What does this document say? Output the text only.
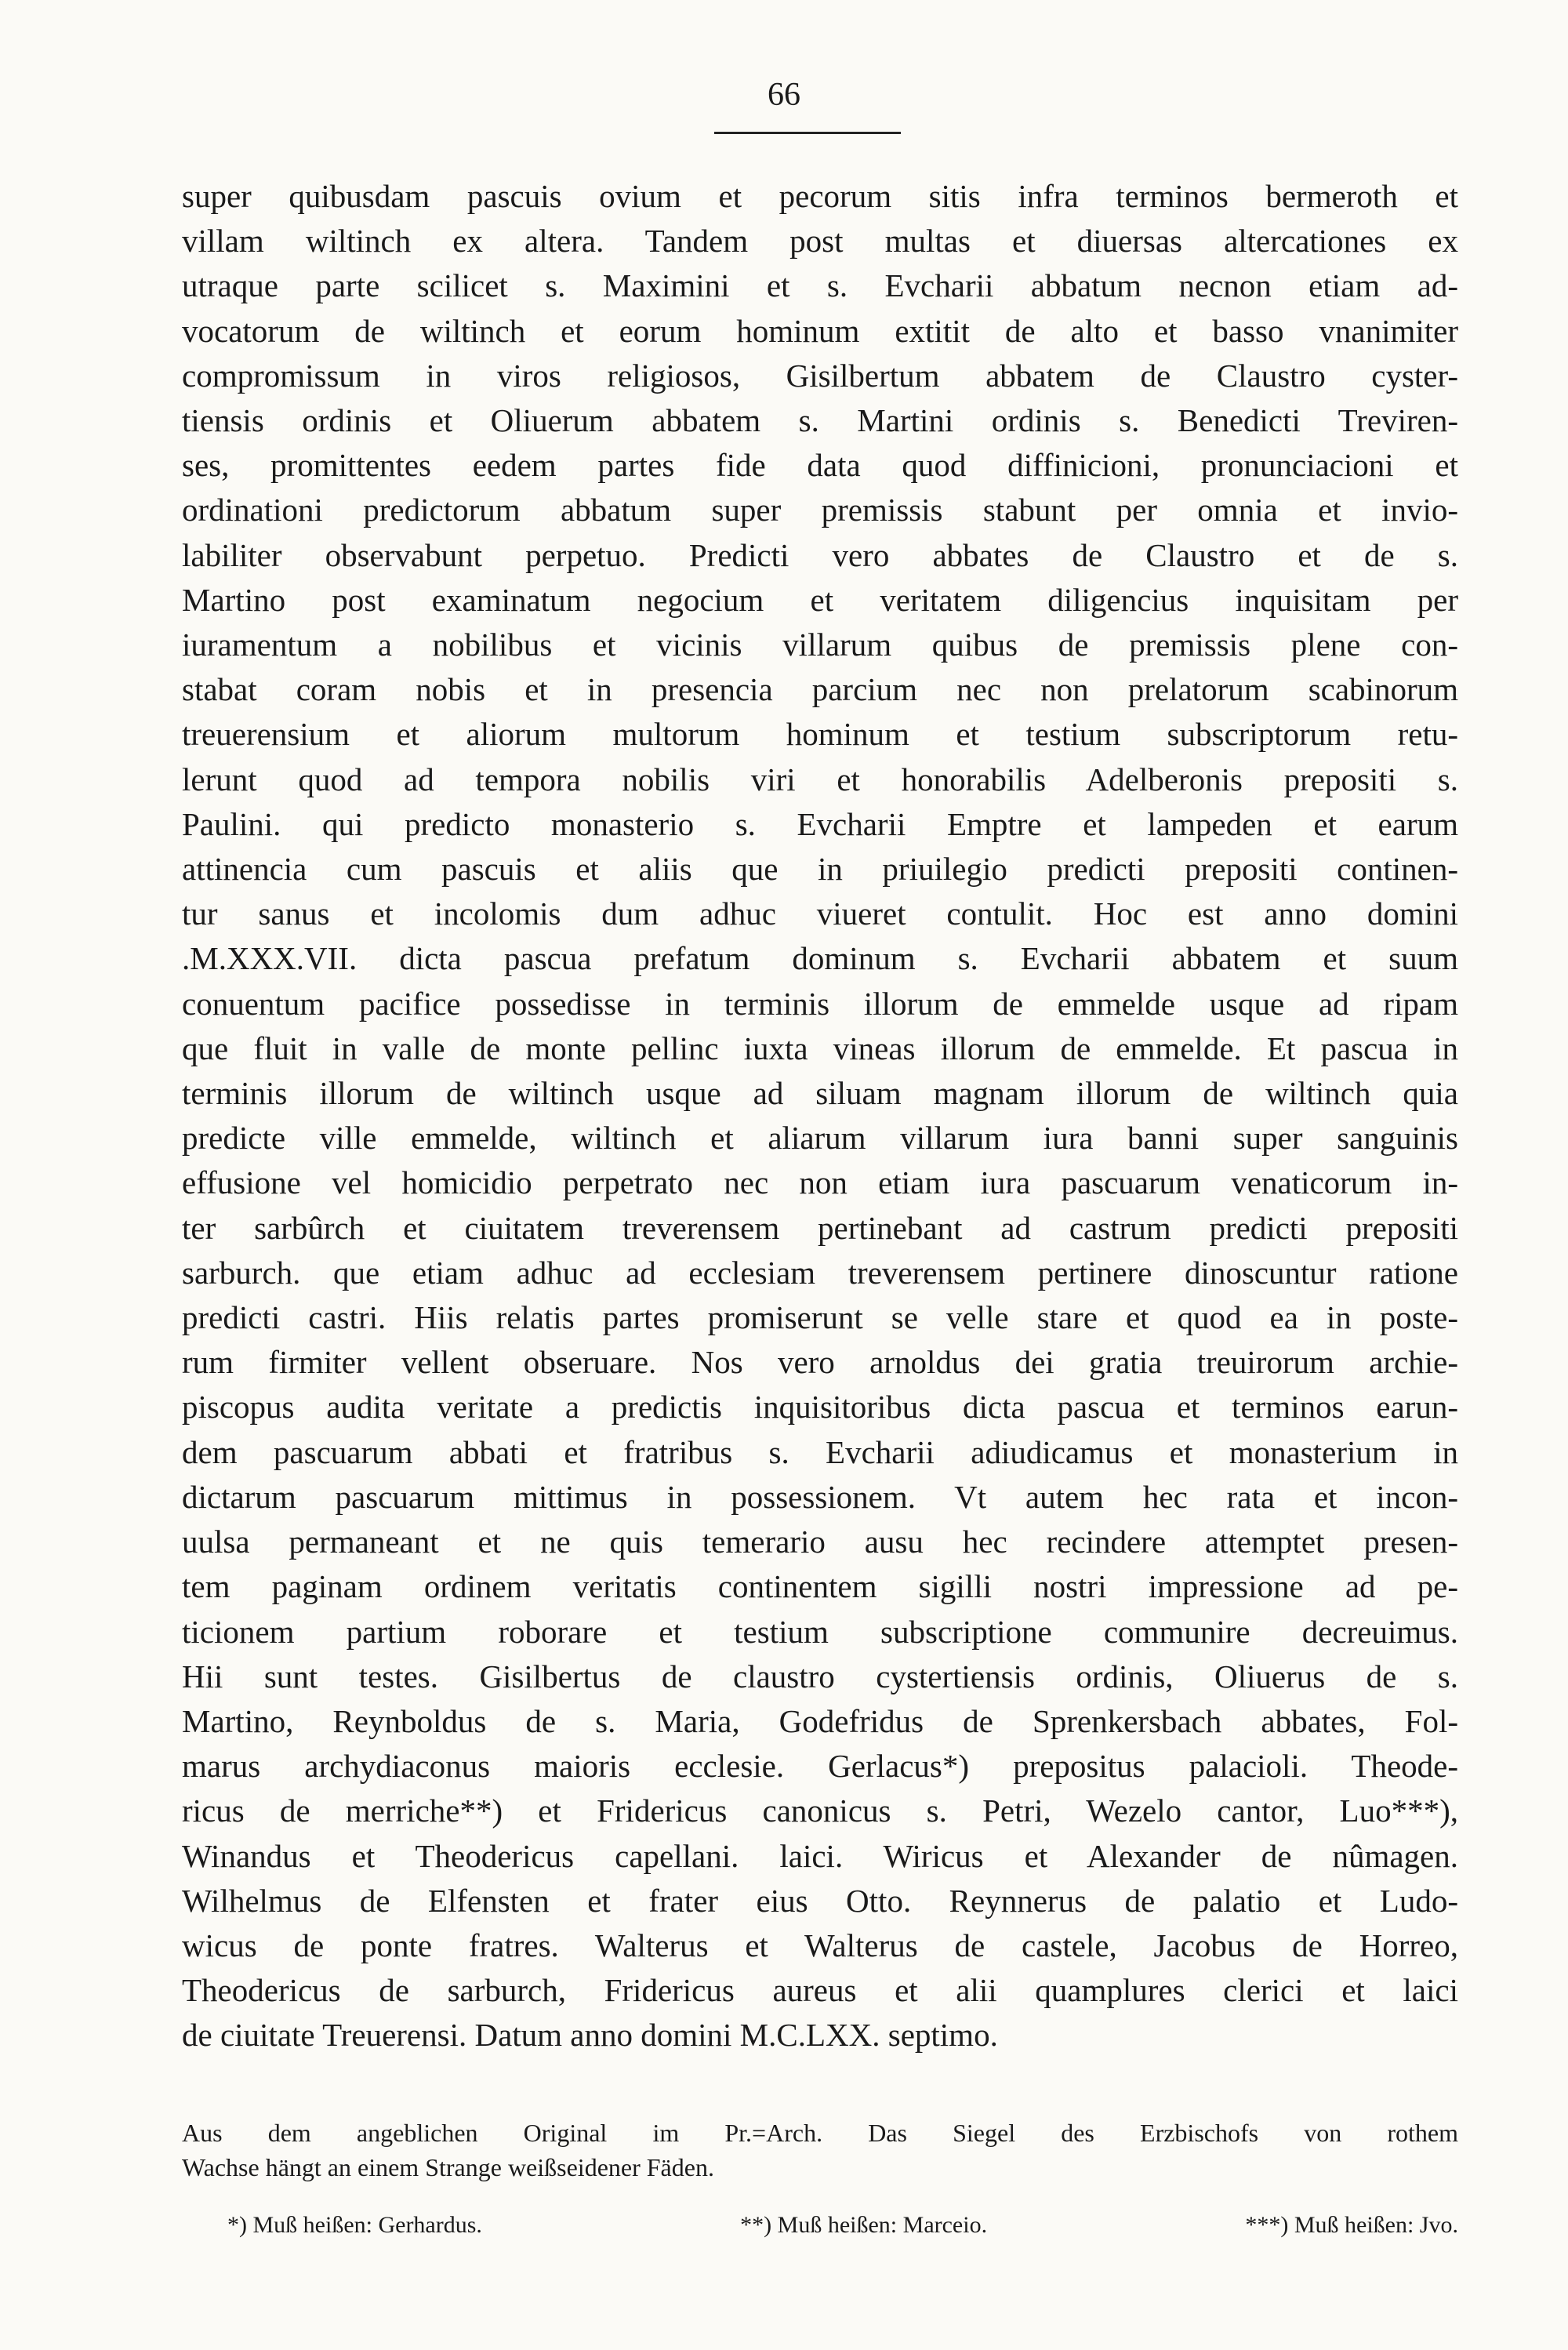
66
super quibusdam pascuis ovium et pecorum sitis infra terminos bermeroth et
villam wiltinch ex altera. Tandem post multas et diuersas altercationes ex
utraque parte scilicet s. Maximini et s. Evcharii abbatum necnon etiam ad-
vocatorum de wiltinch et eorum hominum extitit de alto et basso vnanimiter
compromissum in viros religiosos, Gisilbertum abbatem de Claustro cyster-
tiensis ordinis et Oliuerum abbatem s. Martini ordinis s. Benedicti Treviren-
ses, promittentes eedem partes fide data quod diffinicioni, pronunciacioni et
ordinationi predictorum abbatum super premissis stabunt per omnia et invio-
labiliter observabunt perpetuo. Predicti vero abbates de Claustro et de s.
Martino post examinatum negocium et veritatem diligencius inquisitam per
iuramentum a nobilibus et vicinis villarum quibus de premissis plene con-
stabat coram nobis et in presencia parcium nec non prelatorum scabinorum
treuerensium et aliorum multorum hominum et testium subscriptorum retu-
lerunt quod ad tempora nobilis viri et honorabilis Adelberonis prepositi s.
Paulini. qui predicto monasterio s. Evcharii Emptre et lampeden et earum
attinencia cum pascuis et aliis que in priuilegio predicti prepositi continen-
tur sanus et incolomis dum adhuc viueret contulit. Hoc est anno domini
.M.XXX.VII. dicta pascua prefatum dominum s. Evcharii abbatem et suum
conuentum pacifice possedisse in terminis illorum de emmelde usque ad ripam
que fluit in valle de monte pellinc iuxta vineas illorum de emmelde. Et pascua in
terminis illorum de wiltinch usque ad siluam magnam illorum de wiltinch quia
predicte ville emmelde, wiltinch et aliarum villarum iura banni super sanguinis
effusione vel homicidio perpetrato nec non etiam iura pascuarum venaticorum in-
ter sarbûrch et ciuitatem treverensem pertinebant ad castrum predicti prepositi
sarburch. que etiam adhuc ad ecclesiam treverensem pertinere dinoscuntur ratione
predicti castri. Hiis relatis partes promiserunt se velle stare et quod ea in poste-
rum firmiter vellent obseruare. Nos vero arnoldus dei gratia treuirorum archie-
piscopus audita veritate a predictis inquisitoribus dicta pascua et terminos earun-
dem pascuarum abbati et fratribus s. Evcharii adiudicamus et monasterium in
dictarum pascuarum mittimus in possessionem. Vt autem hec rata et incon-
uulsa permaneant et ne quis temerario ausu hec recindere attemptet presen-
tem paginam ordinem veritatis continentem sigilli nostri impressione ad pe-
ticionem partium roborare et testium subscriptione communire decreuimus.
Hii sunt testes. Gisilbertus de claustro cystertiensis ordinis, Oliuerus de s.
Martino, Reynboldus de s. Maria, Godefridus de Sprenkersbach abbates, Fol-
marus archydiaconus maioris ecclesie. Gerlacus*) prepositus palacioli. Theode-
ricus de merriche**) et Fridericus canonicus s. Petri, Wezelo cantor, Luo***),
Winandus et Theodericus capellani. laici. Wiricus et Alexander de nûmagen.
Wilhelmus de Elfensten et frater eius Otto. Reynnerus de palatio et Ludo-
wicus de ponte fratres. Walterus et Walterus de castele, Jacobus de Horreo,
Theodericus de sarburch, Fridericus aureus et alii quamplures clerici et laici
de ciuitate Treuerensi. Datum anno domini M.C.LXX. septimo.
Aus dem angeblichen Original im Pr.=Arch. Das Siegel des Erzbischofs von rothem
Wachse hängt an einem Strange weißseidener Fäden.
*) Muß heißen: Gerhardus.	**) Muß heißen: Marceio.	***) Muß heißen: Jvo.
